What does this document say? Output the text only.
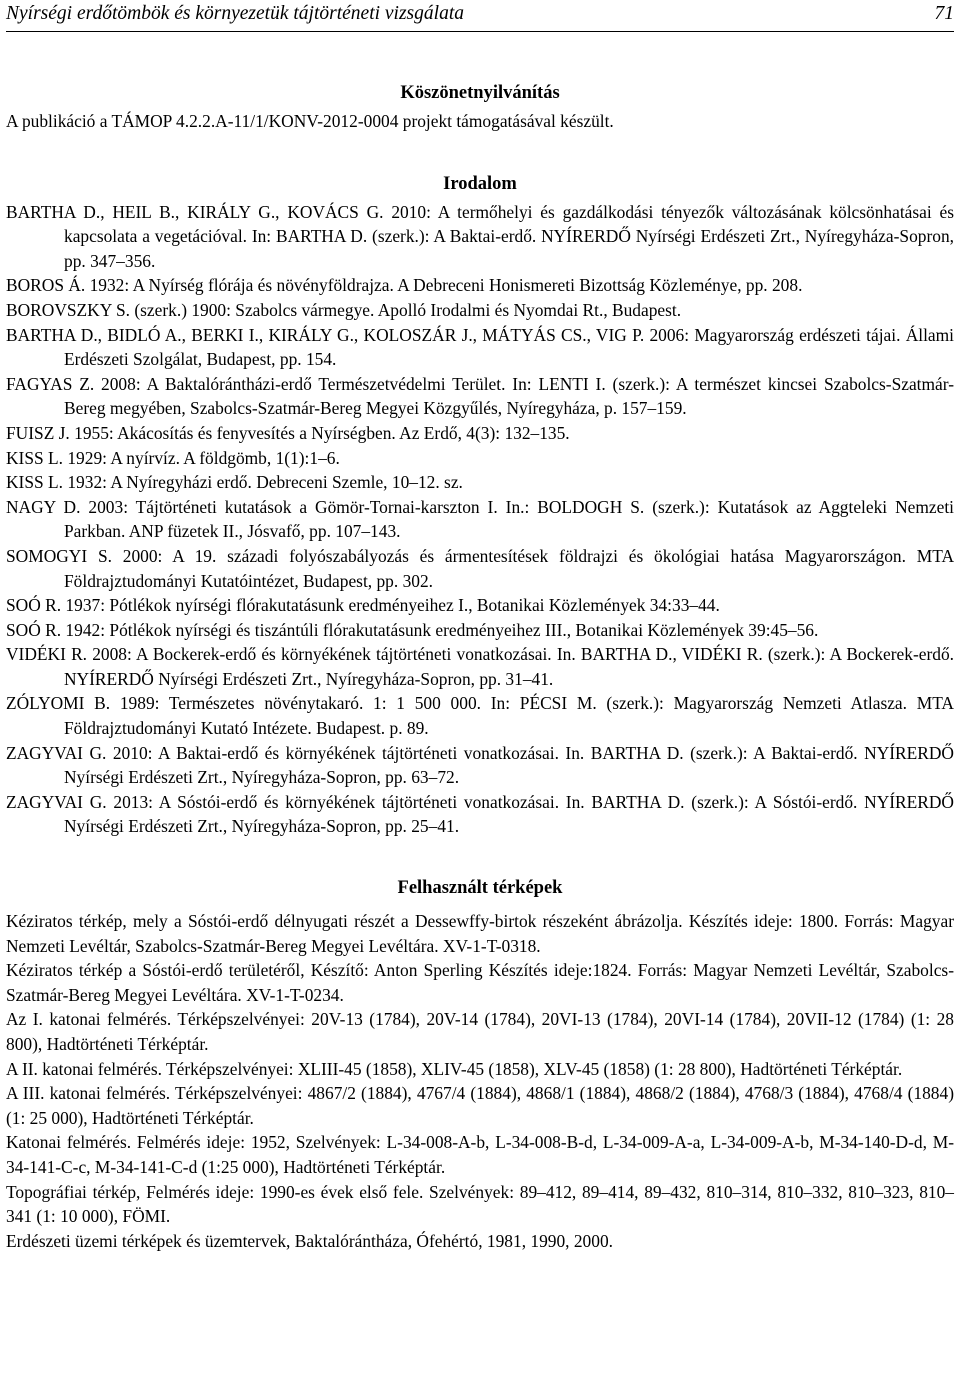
Nyírségi erdőtömbök és környezetük tájtörténeti vizsgálata	71
Köszönetnyilvánítás

A publikáció a TÁMOP 4.2.2.A-11/1/KONV-2012-0004 projekt támogatásával készült.

Irodalom

BARTHA D., HEIL B., KIRÁLY G., KOVÁCS G. 2010: A termőhelyi és gazdálkodási tényezők változásának kölcsönhatásai és kapcsolata a vegetációval. In: BARTHA D. (szerk.): A Baktai-erdő. NYÍRERDŐ Nyírségi Erdészeti Zrt., Nyíregyháza-Sopron, pp. 347‒356.

BOROS Á. 1932: A Nyírség flórája és növényföldrajza. A Debreceni Honismereti Bizottság Közleménye, pp. 208.

BOROVSZKY S. (szerk.) 1900: Szabolcs vármegye. Apolló Irodalmi és Nyomdai Rt., Budapest.

BARTHA D., BIDLÓ A., BERKI I., KIRÁLY G., KOLOSZÁR J., MÁTYÁS CS., VIG P. 2006: Magyarország erdészeti tájai. Állami Erdészeti Szolgálat, Budapest, pp. 154.

FAGYAS Z. 2008: A Baktalórántházi-erdő Természetvédelmi Terület. In: LENTI I. (szerk.): A természet kincsei Szabolcs-Szatmár-Bereg megyében, Szabolcs-Szatmár-Bereg Megyei Közgyűlés, Nyíregyháza, p. 157‒159.

FUISZ J. 1955: Akácosítás és fenyvesítés a Nyírségben. Az Erdő, 4(3): 132‒135.

KISS L. 1929: A nyírvíz. A földgömb, 1(1):1‒6.

KISS L. 1932: A Nyíregyházi erdő. Debreceni Szemle, 10‒12. sz.

NAGY D. 2003: Tájtörténeti kutatások a Gömör-Tornai-karszton I. In.: BOLDOGH S. (szerk.): Kutatások az Aggteleki Nemzeti Parkban. ANP füzetek II., Jósvafő, pp. 107‒143.

SOMOGYI S. 2000: A 19. századi folyószabályozás és ármentesítések földrajzi és ökológiai hatása Magyarországon. MTA Földrajztudományi Kutatóintézet, Budapest, pp. 302.

SOÓ R. 1937: Pótlékok nyírségi flórakutatásunk eredményeihez I., Botanikai Közlemények 34:33‒44.

SOÓ R. 1942: Pótlékok nyírségi és tiszántúli flórakutatásunk eredményeihez III., Botanikai Közlemények 39:45‒56.

VIDÉKI R. 2008: A Bockerek-erdő és környékének tájtörténeti vonatkozásai. In. BARTHA D., VIDÉKI R. (szerk.): A Bockerek-erdő. NYÍRERDŐ Nyírségi Erdészeti Zrt., Nyíregyháza-Sopron, pp. 31‒41.

ZÓLYOMI B. 1989: Természetes növénytakaró. 1: 1 500 000. In: PÉCSI M. (szerk.): Magyarország Nemzeti Atlasza. MTA Földrajztudományi Kutató Intézete. Budapest. p. 89.

ZAGYVAI G. 2010: A Baktai-erdő és környékének tájtörténeti vonatkozásai. In. BARTHA D. (szerk.): A Baktai-erdő. NYÍRERDŐ Nyírségi Erdészeti Zrt., Nyíregyháza-Sopron, pp. 63‒72.

ZAGYVAI G. 2013: A Sóstói-erdő és környékének tájtörténeti vonatkozásai. In. BARTHA D. (szerk.): A Sóstói-erdő. NYÍRERDŐ Nyírségi Erdészeti Zrt., Nyíregyháza-Sopron, pp. 25‒41.

Felhasznált térképek

Kéziratos térkép, mely a Sóstói-erdő délnyugati részét a Dessewffy-birtok részeként ábrázolja. Készítés ideje: 1800. Forrás: Magyar Nemzeti Levéltár, Szabolcs-Szatmár-Bereg Megyei Levéltára. XV-1-T-0318.

Kéziratos térkép a Sóstói-erdő területéről, Készítő: Anton Sperling Készítés ideje:1824. Forrás: Magyar Nemzeti Levéltár, Szabolcs-Szatmár-Bereg Megyei Levéltára. XV-1-T-0234.

Az I. katonai felmérés. Térképszelvényei: 20V-13 (1784), 20V-14 (1784), 20VI-13 (1784), 20VI-14 (1784), 20VII-12 (1784) (1: 28 800), Hadtörténeti Térképtár.

A II. katonai felmérés. Térképszelvényei: XLIII-45 (1858), XLIV-45 (1858), XLV-45 (1858) (1: 28 800), Hadtörténeti Térképtár.

A III. katonai felmérés. Térképszelvényei: 4867/2 (1884), 4767/4 (1884), 4868/1 (1884), 4868/2 (1884), 4768/3 (1884), 4768/4 (1884) (1: 25 000), Hadtörténeti Térképtár.

Katonai felmérés. Felmérés ideje: 1952, Szelvények: L-34-008-A-b, L-34-008-B-d, L-34-009-A-a, L-34-009-A-b, M-34-140-D-d, M-34-141-C-c, M-34-141-C-d (1:25 000), Hadtörténeti Térképtár.

Topográfiai térkép, Felmérés ideje: 1990-es évek első fele. Szelvények: 89‒412, 89‒414, 89‒432, 810‒314, 810‒332, 810‒323, 810‒341 (1: 10 000), FÖMI.

Erdészeti üzemi térképek és üzemtervek, Baktalórántháza, Ófehértó, 1981, 1990, 2000.
